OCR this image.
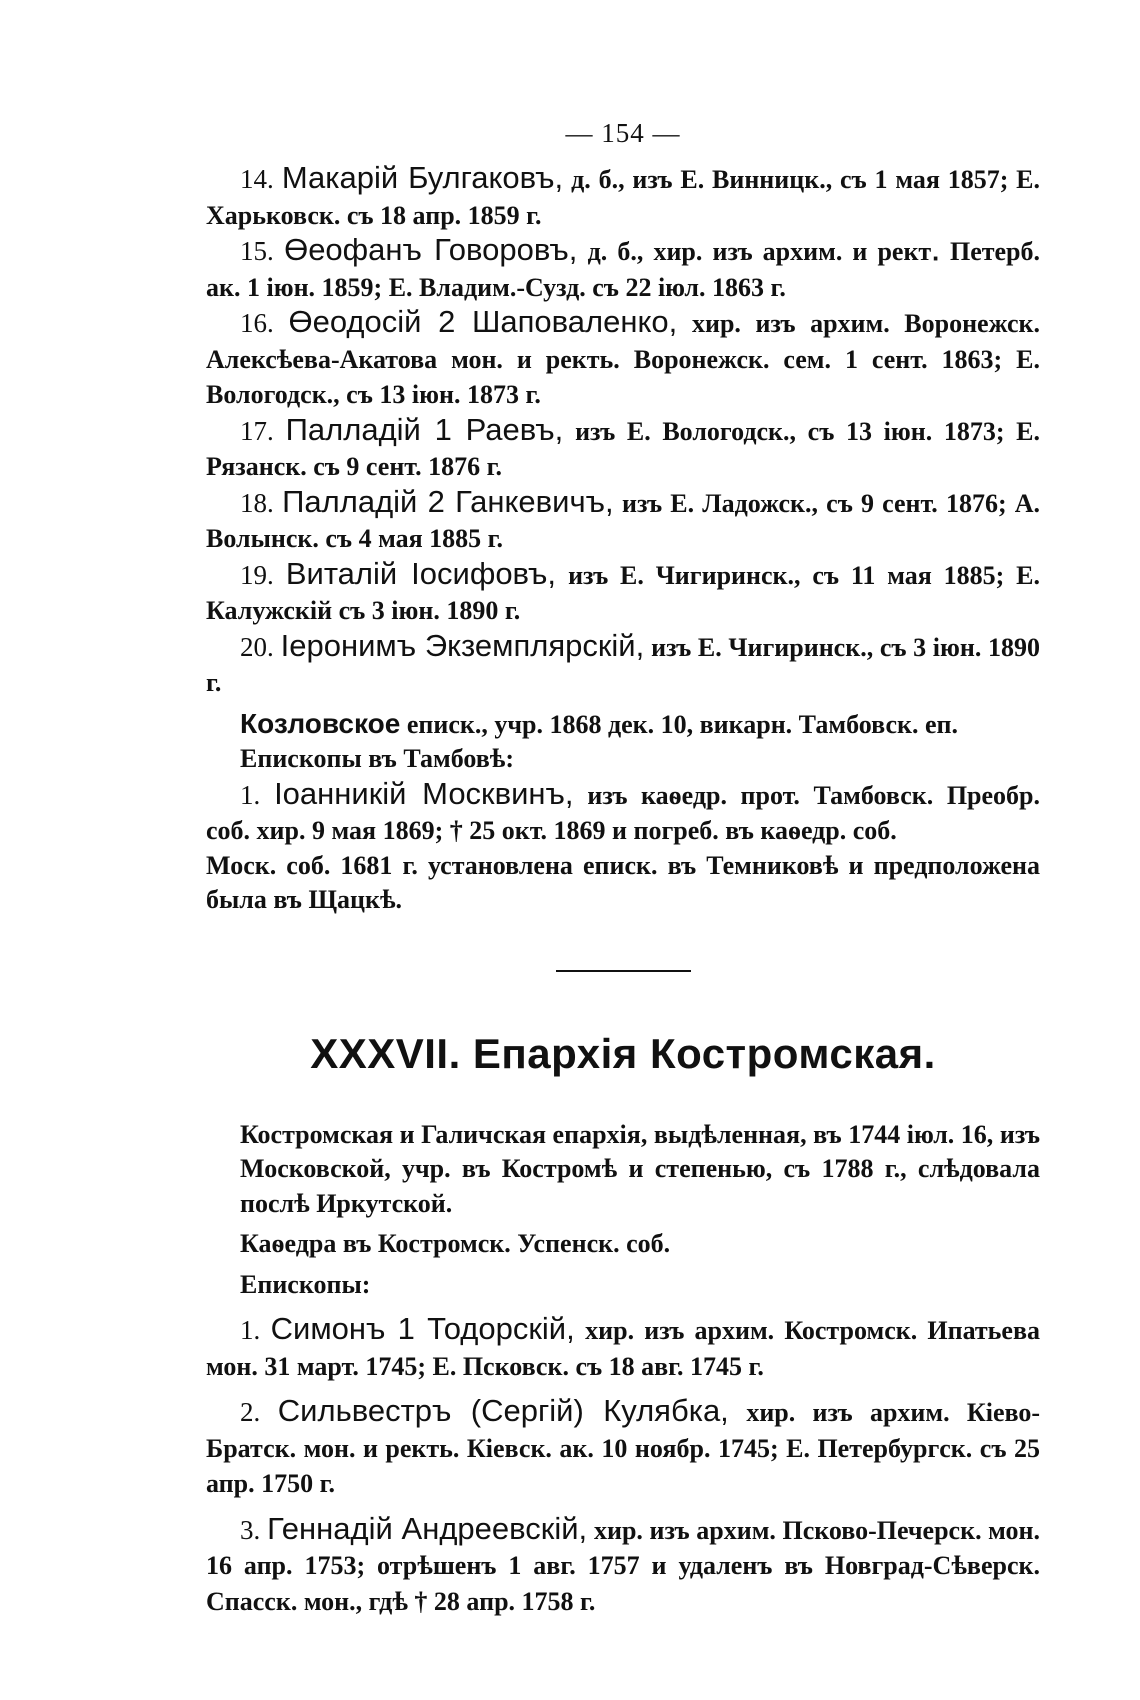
— 154 —

14. Макарій Булгаковъ, д. б., изъ Е. Винницк., съ 1 мая 1857; Е. Харьковск. съ 18 апр. 1859 г.

15. Өеофанъ Говоровъ, д. б., хир. изъ архим. и рект․ Петерб. ак. 1 іюн. 1859; Е. Владим.-Сузд. съ 22 іюл. 1863 г.

16. Өеодосій 2 Шаповаленко, хир. изъ архим. Воронежск. Алексѣева-Акатова мон. и ректь. Воронежск. сем. 1 сент. 1863; Е. Вологодск., съ 13 іюн. 1873 г.

17. Палладій 1 Раевъ, изъ Е. Вологодск., съ 13 іюн. 1873; Е. Рязанск. съ 9 сент. 1876 г.

18. Палладій 2 Ганкевичъ, изъ Е. Ладожск., съ 9 сент. 1876; А. Волынск. съ 4 мая 1885 г.

19. Виталій Іосифовъ, изъ Е. Чигиринск., съ 11 мая 1885; Е. Калужскій съ 3 іюн. 1890 г.

20. Іеронимъ Экземплярскій, изъ Е. Чигиринск., съ 3 іюн. 1890 г.

Козловское еписк., учр. 1868 дек. 10, викарн. Тамбовск. еп.

Епископы въ Тамбовѣ:

1. Іоанникій Москвинъ, изъ каѳедр. прот. Тамбовск. Преобр. соб. хир. 9 мая 1869; † 25 окт. 1869 и погреб. въ каѳедр. соб.

Моск. соб. 1681 г. установлена еписк. въ Темниковѣ и предположена была въ Щацкѣ.

XXXVII. Епархія Костромская.

Костромская и Галичская епархія, выдѣленная, въ 1744 іюл. 16, изъ Московской, учр. въ Костромѣ и степенью, съ 1788 г., слѣдовала послѣ Иркутской.

Каѳедра въ Костромск. Успенск. соб.

Епископы:

1. Симонъ 1 Тодорскій, хир. изъ архим. Костромск. Ипатьева мон. 31 март. 1745; Е. Псковск. съ 18 авг. 1745 г.

2. Сильвестръ (Сергій) Кулябка, хир. изъ архим. Кіево-Братск. мон. и ректь. Кіевск. ак. 10 ноябр. 1745; Е. Петербургск. съ 25 апр. 1750 г.

3. Геннадій Андреевскій, хир. изъ архим. Псково-Печерск. мон. 16 апр. 1753; отрѣшенъ 1 авг. 1757 и удаленъ въ Новград-Сѣверск. Спасск. мон., гдѣ † 28 апр. 1758 г.
